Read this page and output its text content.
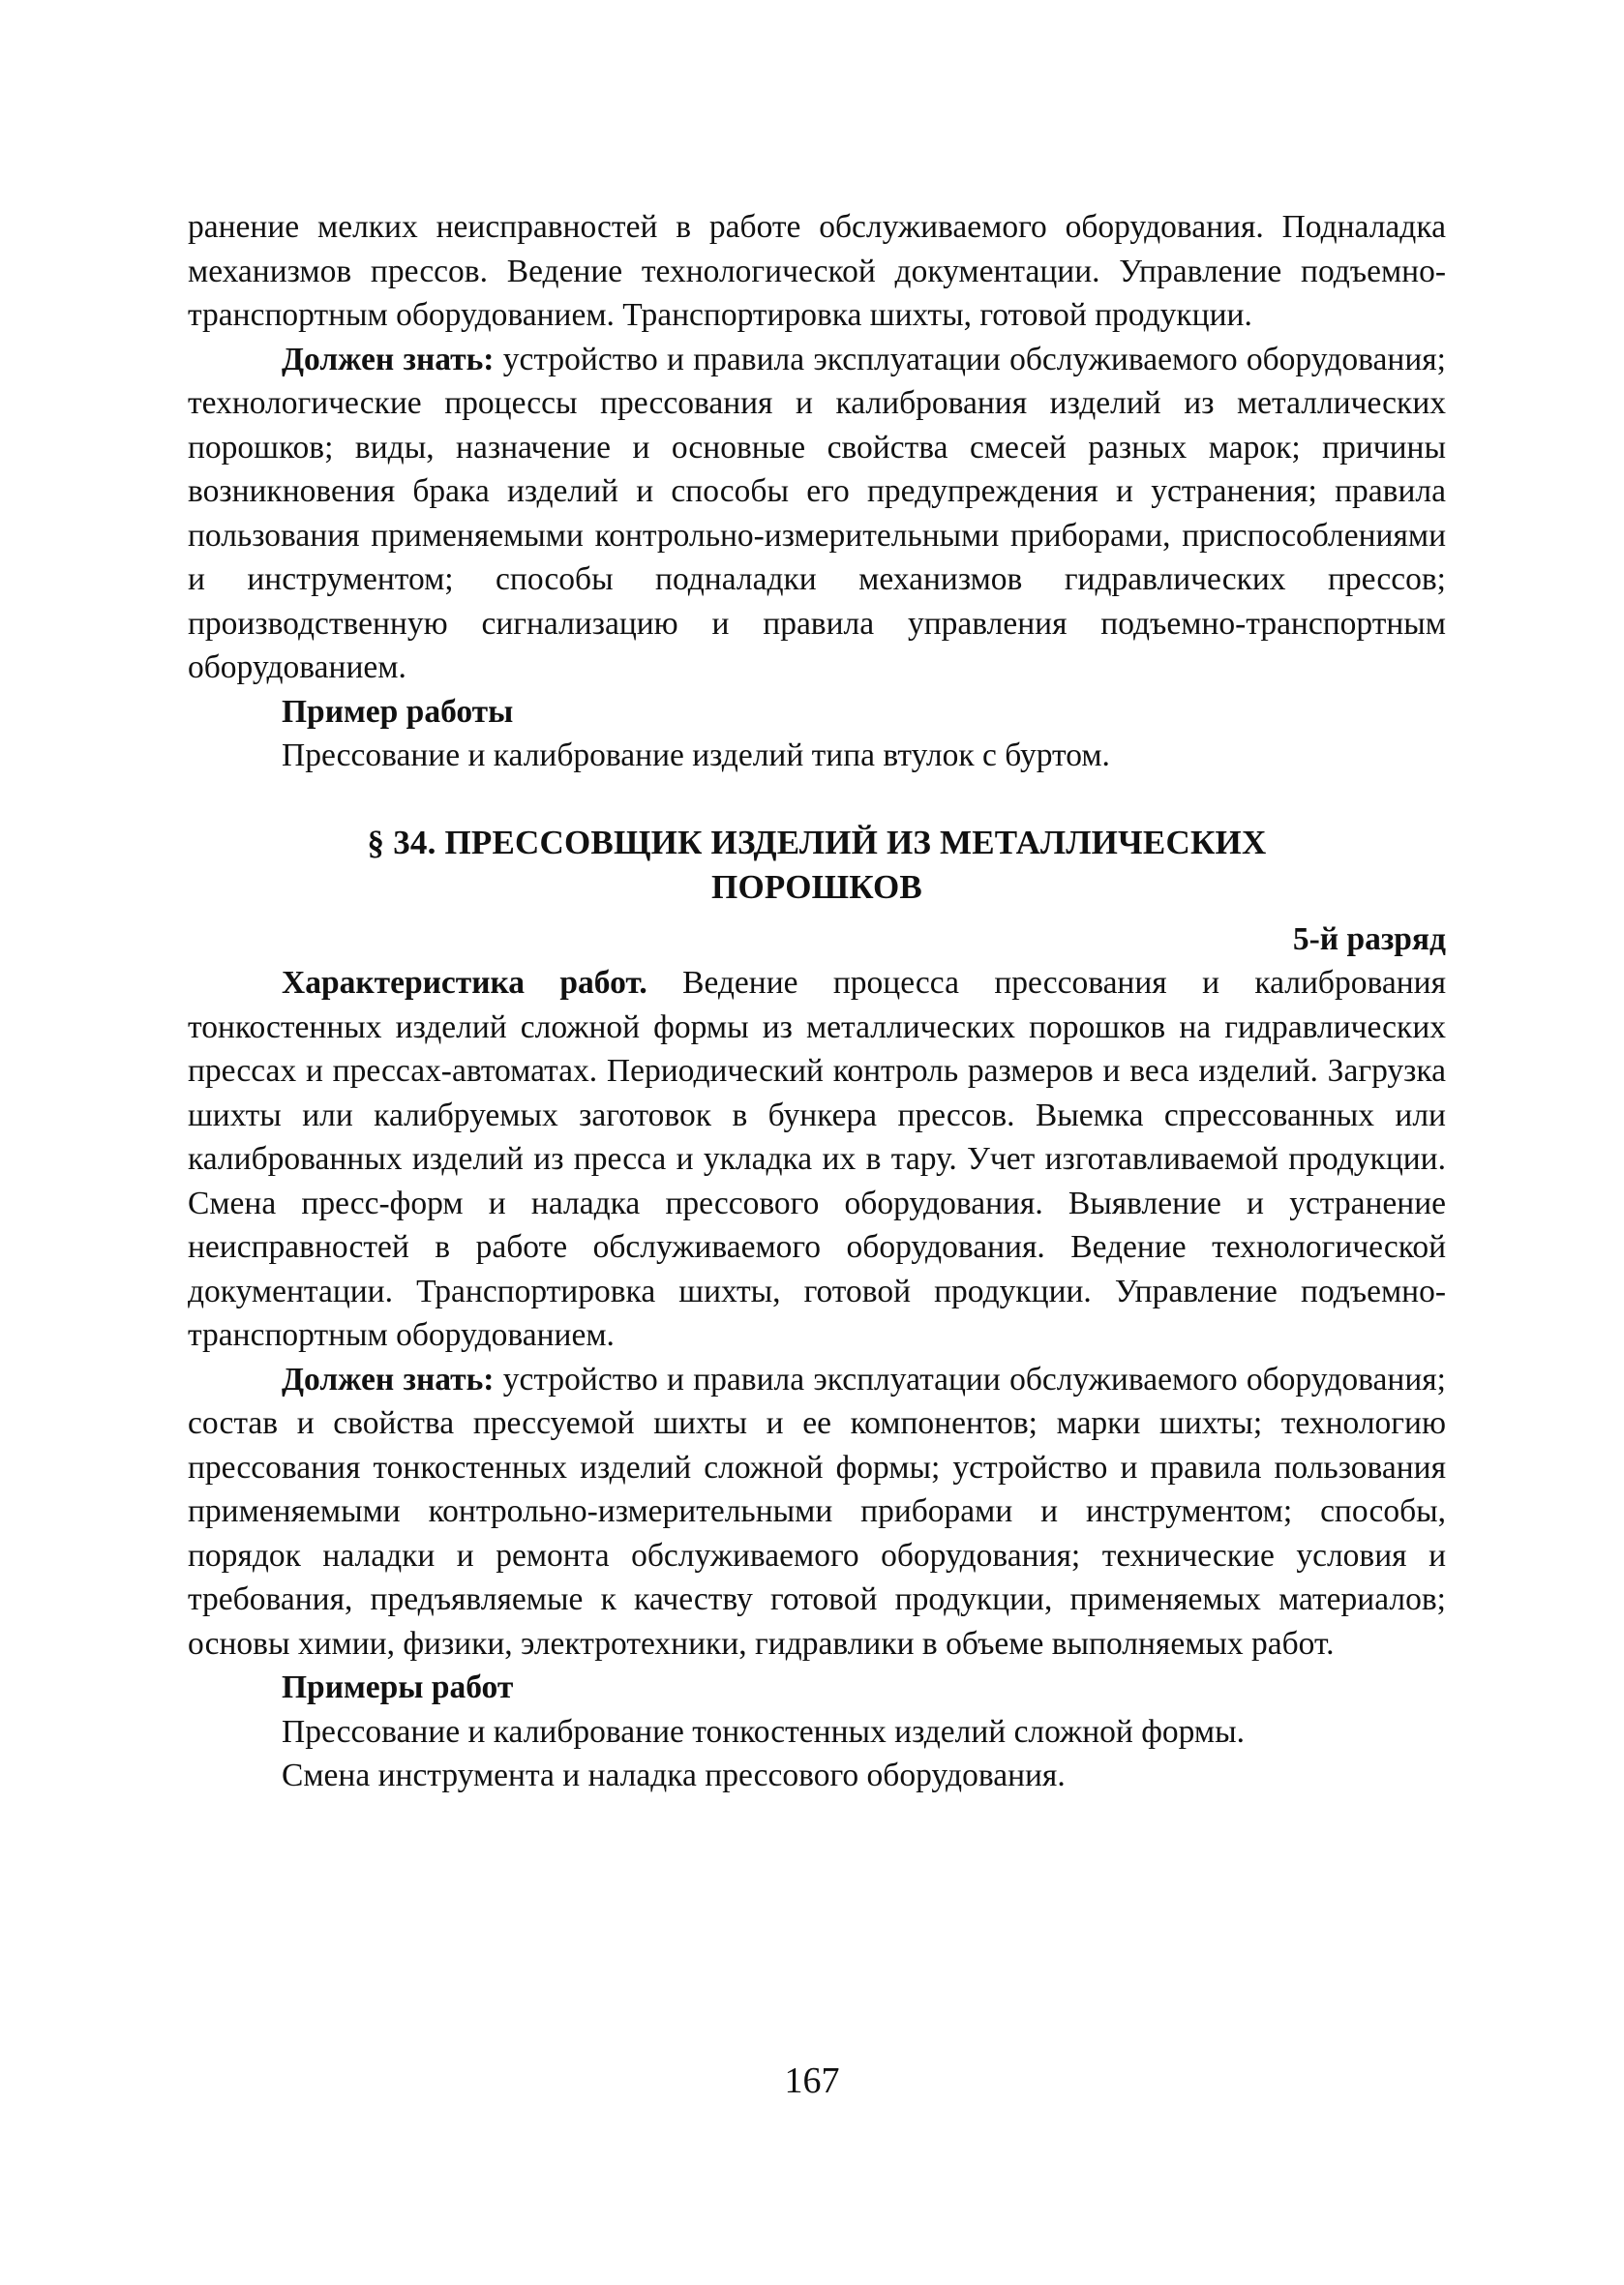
ранение мелких неисправностей в работе обслуживаемого оборудования. Подналадка механизмов прессов. Ведение технологической документации. Управление подъемно-транспортным оборудованием. Транспортировка шихты, готовой продукции.

Должен знать: устройство и правила эксплуатации обслуживаемого оборудования; технологические процессы прессования и калибрования изделий из металлических порошков; виды, назначение и основные свойства смесей разных марок; причины возникновения брака изделий и способы его предупреждения и устранения; правила пользования применяемыми контрольно-измерительными приборами, приспособлениями и инструментом; способы подналадки механизмов гидравлических прессов; производственную сигнализацию и правила управления подъемно-транспортным оборудованием.

Пример работы

Прессование и калибрование изделий типа втулок с буртом.

§ 34. ПРЕССОВЩИК ИЗДЕЛИЙ ИЗ МЕТАЛЛИЧЕСКИХ
ПОРОШКОВ

5-й разряд

Характеристика работ. Ведение процесса прессования и калибрования тонкостенных изделий сложной формы из металлических порошков на гидравлических прессах и прессах-автоматах. Периодический контроль размеров и веса изделий. Загрузка шихты или калибруемых заготовок в бункера прессов. Выемка спрессованных или калиброванных изделий из пресса и укладка их в тару. Учет изготавливаемой продукции. Смена пресс-форм и наладка прессового оборудования. Выявление и устранение неисправностей в работе обслуживаемого оборудования. Ведение технологической документации. Транспортировка шихты, готовой продукции. Управление подъемно-транспортным оборудованием.

Должен знать: устройство и правила эксплуатации обслуживаемого оборудования; состав и свойства прессуемой шихты и ее компонентов; марки шихты; технологию прессования тонкостенных изделий сложной формы; устройство и правила пользования применяемыми контрольно-измерительными приборами и инструментом; способы, порядок наладки и ремонта обслуживаемого оборудования; технические условия и требования, предъявляемые к качеству готовой продукции, применяемых материалов; основы химии, физики, электротехники, гидравлики в объеме выполняемых работ.

Примеры работ

Прессование и калибрование тонкостенных изделий сложной формы.

Смена инструмента и наладка прессового оборудования.

167
